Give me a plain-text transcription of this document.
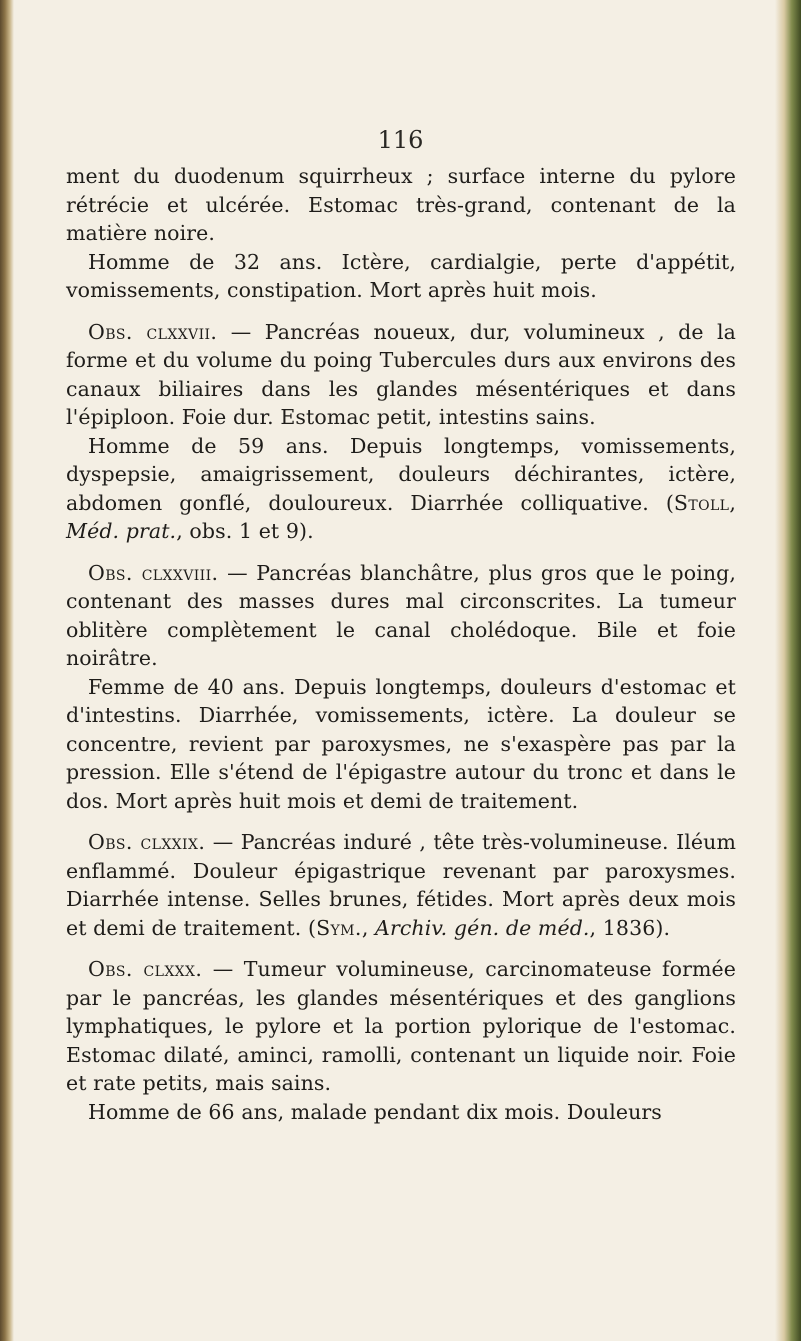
116

ment du duodenum squirrheux ; surface interne du pylore rétrécie et ulcérée. Estomac très-grand, contenant de la matière noire.

Homme de 32 ans. Ictère, cardialgie, perte d'appétit, vomissements, constipation. Mort après huit mois.

Obs. clxxvii. — Pancréas noueux, dur, volumineux , de la forme et du volume du poing Tubercules durs aux environs des canaux biliaires dans les glandes mésentériques et dans l'épiploon. Foie dur. Estomac petit, intestins sains.

Homme de 59 ans. Depuis longtemps, vomissements, dyspepsie, amaigrissement, douleurs déchirantes, ictère, abdomen gonflé, douloureux. Diarrhée colliquative. (Stoll, Méd. prat., obs. 1 et 9).

Obs. clxxviii. — Pancréas blanchâtre, plus gros que le poing, contenant des masses dures mal circonscrites. La tumeur oblitère complètement le canal cholédoque. Bile et foie noirâtre.

Femme de 40 ans. Depuis longtemps, douleurs d'estomac et d'intestins. Diarrhée, vomissements, ictère. La douleur se concentre, revient par paroxysmes, ne s'exaspère pas par la pression. Elle s'étend de l'épigastre autour du tronc et dans le dos. Mort après huit mois et demi de traitement.

Obs. clxxix. — Pancréas induré , tête très-volumineuse. Iléum enflammé. Douleur épigastrique revenant par paroxysmes. Diarrhée intense. Selles brunes, fétides. Mort après deux mois et demi de traitement. (Sym., Archiv. gén. de méd., 1836).

Obs. clxxx. — Tumeur volumineuse, carcinomateuse formée par le pancréas, les glandes mésentériques et des ganglions lymphatiques, le pylore et la portion pylorique de l'estomac. Estomac dilaté, aminci, ramolli, contenant un liquide noir. Foie et rate petits, mais sains.

Homme de 66 ans, malade pendant dix mois. Douleurs
